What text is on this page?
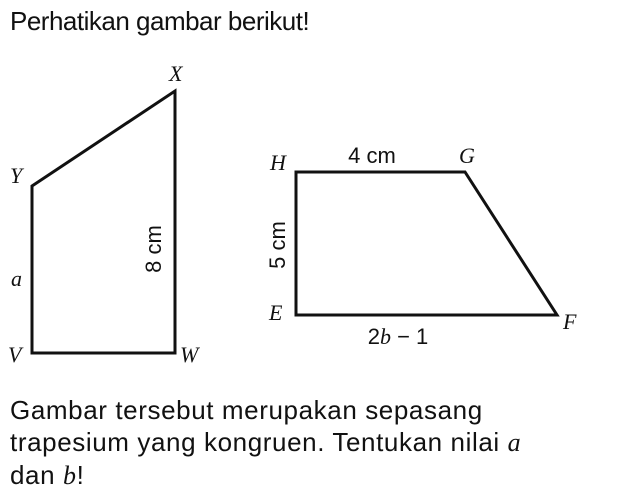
Perhatikan gambar berikut!
X
Y
V	W
a
8 cm
H	G
E	F
4 cm
5 cm
2b − 1
Gambar tersebut merupakan sepasang
trapesium yang kongruen. Tentukan nilai a
dan b!
